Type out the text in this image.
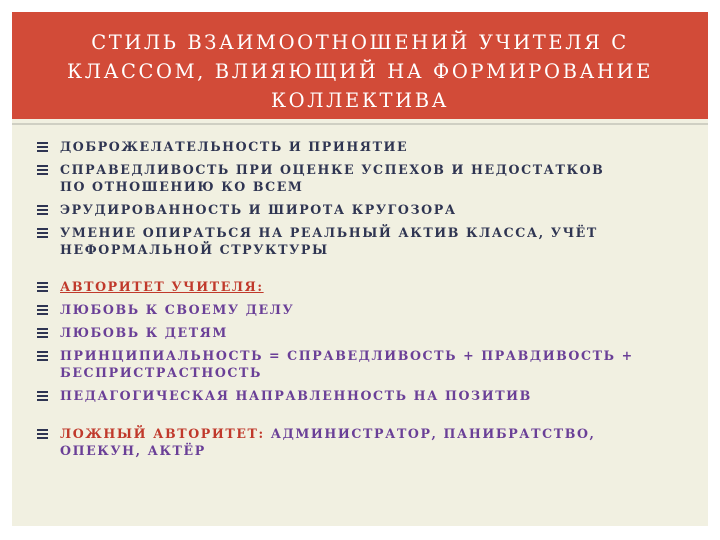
СТИЛЬ ВЗАИМООТНОШЕНИЙ УЧИТЕЛЯ С
КЛАССОМ, ВЛИЯЮЩИЙ НА ФОРМИРОВАНИЕ
КОЛЛЕКТИВА
ДОБРОЖЕЛАТЕЛЬНОСТЬ И ПРИНЯТИЕ
СПРАВЕДЛИВОСТЬ ПРИ ОЦЕНКЕ УСПЕХОВ И НЕДОСТАТКОВ
ПО ОТНОШЕНИЮ КО ВСЕМ
ЭРУДИРОВАННОСТЬ И ШИРОТА КРУГОЗОРА
УМЕНИЕ ОПИРАТЬСЯ НА РЕАЛЬНЫЙ АКТИВ КЛАССА, УЧЁТ
НЕФОРМАЛЬНОЙ СТРУКТУРЫ
АВТОРИТЕТ УЧИТЕЛЯ:
ЛЮБОВЬ К СВОЕМУ ДЕЛУ
ЛЮБОВЬ К ДЕТЯМ
ПРИНЦИПИАЛЬНОСТЬ = СПРАВЕДЛИВОСТЬ + ПРАВДИВОСТЬ +
БЕСПРИСТРАСТНОСТЬ
ПЕДАГОГИЧЕСКАЯ НАПРАВЛЕННОСТЬ НА ПОЗИТИВ
ЛОЖНЫЙ АВТОРИТЕТ: АДМИНИСТРАТОР, ПАНИБРАТСТВО,
ОПЕКУН, АКТЁР
